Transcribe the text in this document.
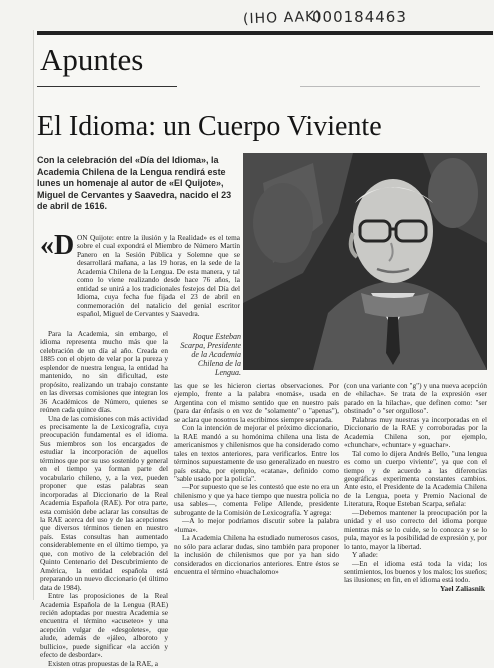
(IHO AAK)
000184463
Apuntes
El Idioma: un Cuerpo Viviente
Con la celebración del «Día del Idioma», la Academia Chilena de la Lengua rendirá este lunes un homenaje al autor de «El Quijote», Miguel de Cervantes y Saavedra, nacido el 23 de abril de 1616.
Roque Esteban Scarpa, Presidente de la Academia Chilena de la Lengua.
«D ON Quijote: entre la ilusión y la Realidad» es el tema sobre el cual expondrá el Miembro de Número Martín Panero en la Sesión Pública y Solemne que se desarrollará mañana, a las 19 horas, en la sede de la Academia Chilena de la Lengua. De esta manera, y tal como lo viene realizando desde hace 76 años, la entidad se unirá a los tradicionales festejos del Día del Idioma, cuya fecha fue fijada el 23 de abril en conmemoración del natalicio del genial escritor español, Miguel de Cervantes y Saavedra.

Para la Academia, sin embargo, el idioma representa mucho más que la celebración de un día al año. Creada en 1885 con el objeto de velar por la pureza y esplendor de nuestra lengua, la entidad ha mantenido, no sin dificultad, este propósito, realizando un trabajo constante en las diversas comisiones que integran los 36 Académicos de Número, quienes se reúnen cada quince días.

Una de las comisiones con más actividad es precisamente la de Lexicografía, cuya preocupación fundamental es el idioma. Sus miembros son los encargados de estudiar la incorporación de aquellos términos que por su uso sostenido y general en el tiempo ya forman parte del vocabulario chileno, y, a la vez, pueden proponer que estas palabras sean incorporadas al Diccionario de la Real Academia Española (RAE). Por otra parte, esta comisión debe aclarar las consultas de la RAE acerca del uso y de las acepciones que diversos términos tienen en nuestro país. Estas consultas han aumentado considerablemente en el último tiempo, ya que, con motivo de la celebración del Quinto Centenario del Descubrimiento de América, la entidad española está preparando un nuevo diccionario (el último data de 1984).

Entre las proposiciones de la Real Academia Española de la Lengua (RAE) recién adoptadas por nuestra Academia se encuentra el término «acuseteo» y una acepción vulgar de «desgoletes», que alude, además de «jáleo, alboroto y bullicio», puede significar «la acción y efecto de desbordar».

Existen otras propuestas de la RAE, a

las que se les hicieron ciertas observaciones. Por ejemplo, frente a la palabra «nomás», usada en Argentina con el mismo sentido que en nuestro país (para dar énfasis o en vez de "solamente" o "apenas"), se aclara que nosotros la escribimos siempre separada.

Con la intención de mejorar el próximo diccionario, la RAE mandó a su homónima chilena una lista de americanismos y chilenismos que ha considerado como tales en textos anteriores, para verificarlos. Entre los términos supuestamente de uso generalizado en nuestro país estaba, por ejemplo, «catana», definido como "sable usado por la policía".

—Por supuesto que se les contestó que este no era un chilenismo y que ya hace tiempo que nuestra policía no usa sables—, comenta Felipe Allende, presidente subrogante de la Comisión de Lexicografía. Y agrega:

—A lo mejor podríamos discutir sobre la palabra «luma».

La Academia Chilena ha estudiado numerosos casos, no sólo para aclarar dudas, sino también para proponer la inclusión de chilenismos que por ya han sido considerados en diccionarios anteriores. Entre éstos se encuentra el término «huachalomo»

(con una variante con "g") y una nueva acepción de «hilacha». Se trata de la expresión «ser parado en la hilacha», que definen como: "ser obstinado" o "ser orgulloso".

Palabras muy nuestras ya incorporadas en el Diccionario de la RAE y corroboradas por la Academia Chilena son, por ejemplo, «chunchar», «chuntar» y «guachar».

Tal como lo dijera Andrés Bello, "una lengua es como un cuerpo viviente", ya que con el tiempo y de acuerdo a las diferencias geográficas experimenta constantes cambios. Ante esto, el Presidente de la Academia Chilena de la Lengua, poeta y Premio Nacional de Literatura, Roque Esteban Scarpa, señala:

—Debemos mantener la preocupación por la unidad y el uso correcto del idioma porque mientras más se lo cuide, se lo conozca y se lo pula, mayor es la posibilidad de expresión y, por lo tanto, mayor la libertad.

Y añade:

—En el idioma está toda la vida; los sentimientos, los buenos y los malos; los sueños; las ilusiones; en fin, en el idioma está todo.

Yael Zaliasnik
